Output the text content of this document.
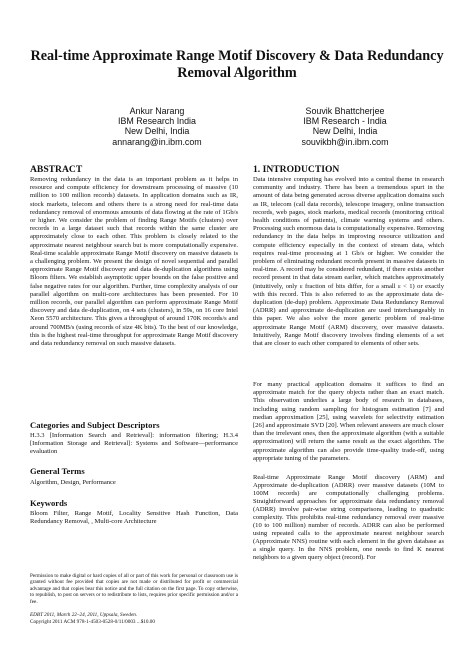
Real-time Approximate Range Motif Discovery & Data Redundancy Removal Algorithm
Ankur Narang
IBM Research India
New Delhi, India
annarang@in.ibm.com
Souvik Bhattcherjee
IBM Research - India
New Delhi, India
souvikbh@in.ibm.com
ABSTRACT
Removing redundancy in the data is an important problem as it helps in resource and compute efficiency for downstream processing of massive (10 million to 100 million records) datasets. In application domains such as IR, stock markets, telecom and others there is a strong need for real-time data redundancy removal of enormous amounts of data flowing at the rate of 1Gb/s or higher. We consider the problem of finding Range Motifs (clusters) over records in a large dataset such that records within the same cluster are approximately close to each other. This problem is closely related to the approximate nearest neighbour search but is more computationally expensive. Real-time scalable approximate Range Motif discovery on massive datasets is a challenging problem. We present the design of novel sequential and parallel approximate Range Motif discovery and data de-duplication algorithms using Bloom filters. We establish asymptotic upper bounds on the false positive and false negative rates for our algorithm. Further, time complexity analysis of our parallel algorithm on multi-core architectures has been presented. For 10 million records, our parallel algorithm can perform approximate Range Motif discovery and data de-duplication, on 4 sets (clusters), in 59s, on 16 core Intel Xeon 5570 architecture. This gives a throughput of around 170K records/s and around 700MB/s (using records of size 4K bits). To the best of our knowledge, this is the highest real-time throughput for approximate Range Motif discovery and data redundancy removal on such massive datasets.
Categories and Subject Descriptors
H.3.3 [Information Search and Retrieval]: information filtering; H.3.4 [Information Storage and Retrieval]: Systems and Software—performance evaluation
General Terms
Algorithm, Design, Performance
Keywords
Bloom Filter, Range Motif, Locality Sensitive Hash Function, Data Redundancy Removal, , Multi-core Architecture
Permission to make digital or hard copies of all or part of this work for personal or classroom use is granted without fee provided that copies are not made or distributed for profit or commercial advantage and that copies bear this notice and the full citation on the first page. To copy otherwise, to republish, to post on servers or to redistribute to lists, requires prior specific permission and/or a fee.
EDBT 2011, March 22–24, 2011, Uppsala, Sweden.
Copyright 2011 ACM 978-1-4503-0528-0/11/0003 ...$10.00
1. INTRODUCTION
Data intensive computing has evolved into a central theme in research community and industry. There has been a tremendous spurt in the amount of data being generated across diverse application domains such as IR, telecom (call data records), telescope imagery, online transaction records, web pages, stock markets, medical records (monitoring critical health conditions of patients), climate warning systems and others. Processing such enormous data is computationally expensive. Removing redundancy in the data helps in improving resource utilization and compute efficiency especially in the context of stream data, which requires real-time processing at 1 Gb/s or higher. We consider the problem of eliminating redundant records present in massive datasets in real-time. A record may be considered redundant, if there exists another record present in that data stream earlier, which matches approximately (intuitively, only ε fraction of bits differ, for a small ε < 1) or exactly with this record. This is also referred to as the approximate data de-duplication (de-dup) problem. Approximate Data Redundancy Removal (ADRR) and approximate de-duplication are used interchangeably in this paper. We also solve the more generic problem of real-time approximate Range Motif (ARM) discovery, over massive datasets. Intuitively, Range Motif discovery involves finding elements of a set that are closer to each other compared to elements of other sets.
For many practical application domains it suffices to find an approximate match for the query objects rather than an exact match. This observation underlies a large body of research in databases, including using random sampling for histogram estimation [7] and median approximation [25], using wavelets for selectivity estimation [26] and approximate SVD [20]. When relevant answers are much closer than the irrelevant ones, then the approximate algorithm (with a suitable approximation) will return the same result as the exact algorithm. The approximate algorithm can also provide time-quality trade-off, using appropriate tuning of the parameters.
Real-time Approximate Range Motif discovery (ARM) and Approximate de-duplication (ADRR) over massive datasets (10M to 100M records) are computationally challenging problems. Straightforward approaches for approximate data redundancy removal (ADRR) involve pair-wise string comparisons, leading to quadratic complexity. This prohibits real-time redundancy removal over massive (10 to 100 million) number of records. ADRR can also be performed using repeated calls to the approximate nearest neighbour search (Approximate NNS) routine with each element in the given database as a single query. In the NNS problem, one needs to find K nearest neighbors to a given query object (record). For
